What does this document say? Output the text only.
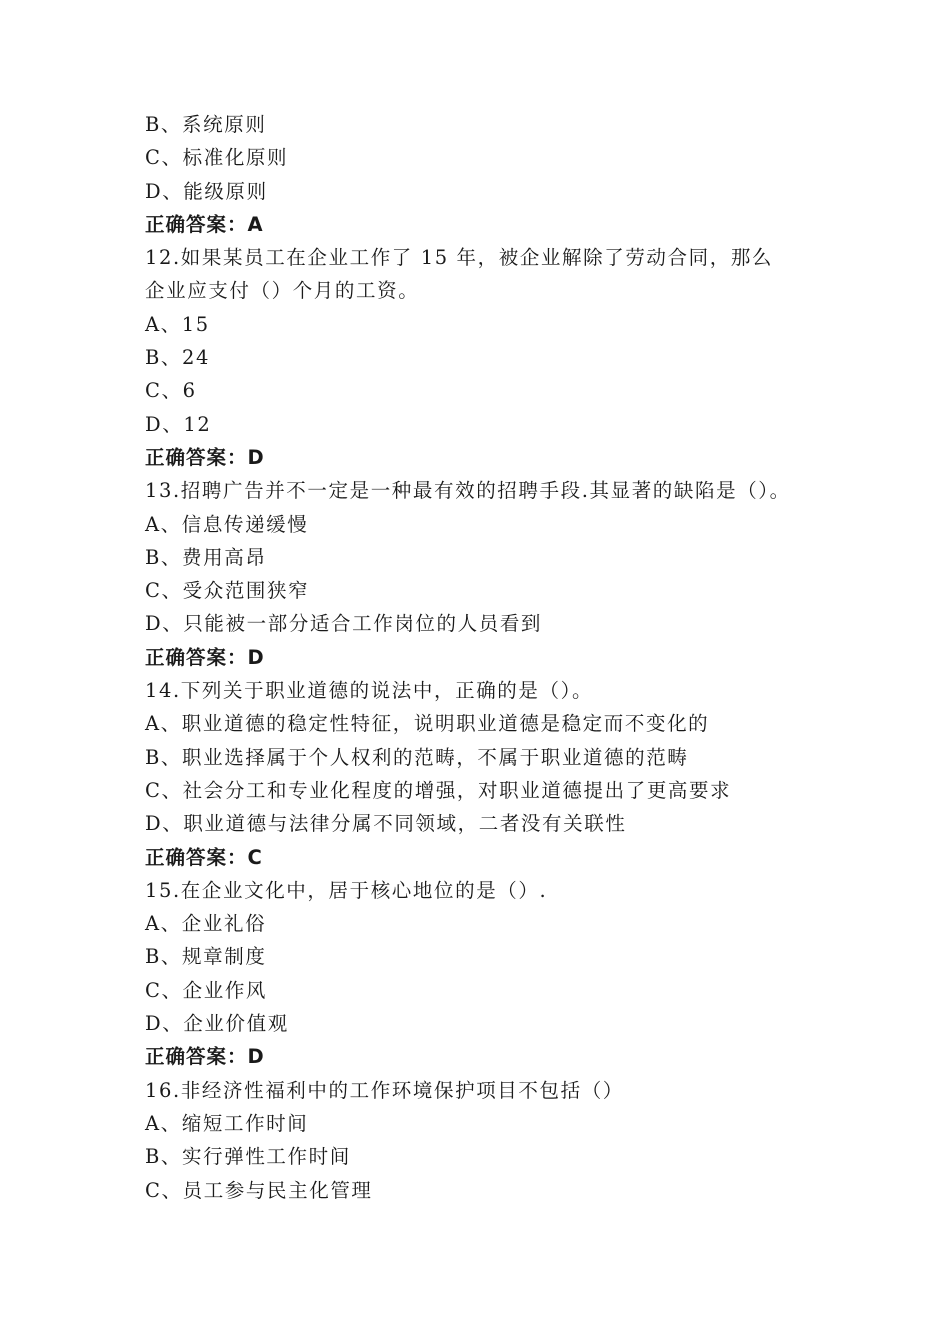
B、系统原则
C、标准化原则
D、能级原则
正确答案：A
12.如果某员工在企业工作了 15 年，被企业解除了劳动合同，那么
企业应支付（）个月的工资。
A、15
B、24
C、6
D、12
正确答案：D
13.招聘广告并不一定是一种最有效的招聘手段.其显著的缺陷是（）。
A、信息传递缓慢
B、费用高昂
C、受众范围狭窄
D、只能被一部分适合工作岗位的人员看到
正确答案：D
14.下列关于职业道德的说法中，正确的是（）。
A、职业道德的稳定性特征，说明职业道德是稳定而不变化的
B、职业选择属于个人权利的范畴，不属于职业道德的范畴
C、社会分工和专业化程度的增强，对职业道德提出了更高要求
D、职业道德与法律分属不同领域，二者没有关联性
正确答案：C
15.在企业文化中，居于核心地位的是（）.
A、企业礼俗
B、规章制度
C、企业作风
D、企业价值观
正确答案：D
16.非经济性福利中的工作环境保护项目不包括（）
A、缩短工作时间
B、实行弹性工作时间
C、员工参与民主化管理
